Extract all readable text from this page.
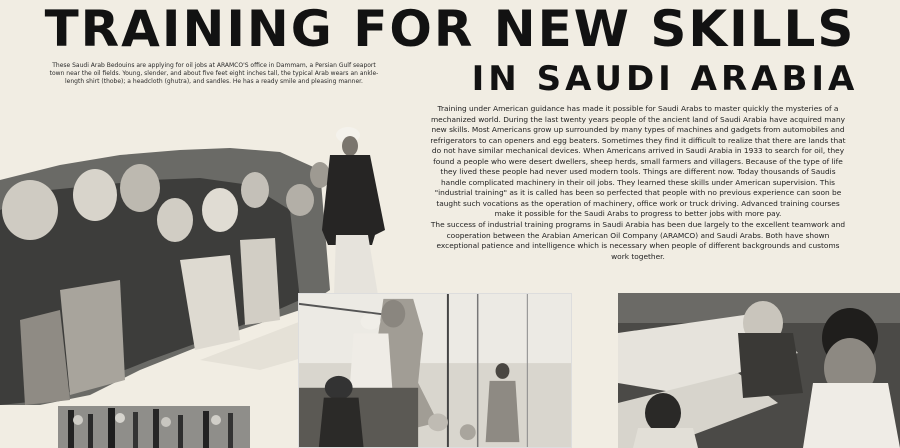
TRAINING FOR NEW SKILLS
IN SAUDI ARABIA
These Saudi Arab Bedouins are applying for oil jobs at ARAMCO'S office in Dammam, a Persian Gulf seaport town near the oil fields. Young, slender, and about five feet eight inches tall, the typical Arab wears an ankle-length shirt (thobe); a headcloth (ghutra), and sandles. He has a ready smile and pleasing manner.

Training under American guidance has made it possible for Saudi Arabs to master quickly the mysteries of a mechanized world. During the last twenty years people of the ancient land of Saudi Arabia have acquired many new skills. Most Americans grow up surrounded by many types of machines and gadgets from automobiles and refrigerators to can openers and egg beaters. Sometimes they find it difficult to realize that there are lands that do not have similar mechanical devices. When Americans arrived in Saudi Arabia in 1933 to search for oil, they found a people who were desert dwellers, sheep herds, small farmers and villagers. Because of the type of life they lived these people had never used modern tools. Things are different now. Today thousands of Saudis handle complicated machinery in their oil jobs. They learned these skills under American supervision. This "industrial training" as it is called has been so perfected that people with no previous experience can soon be taught such vocations as the operation of machinery, office work or truck driving. Advanced training courses make it possible for the Saudi Arabs to progress to better jobs with more pay.

The success of industrial training programs in Saudi Arabia has been due largely to the excellent teamwork and cooperation between the Arabian American Oil Company (ARAMCO) and Saudi Arabs. Both have shown exceptional patience and intelligence which is necessary when people of different backgrounds and customs work together.
